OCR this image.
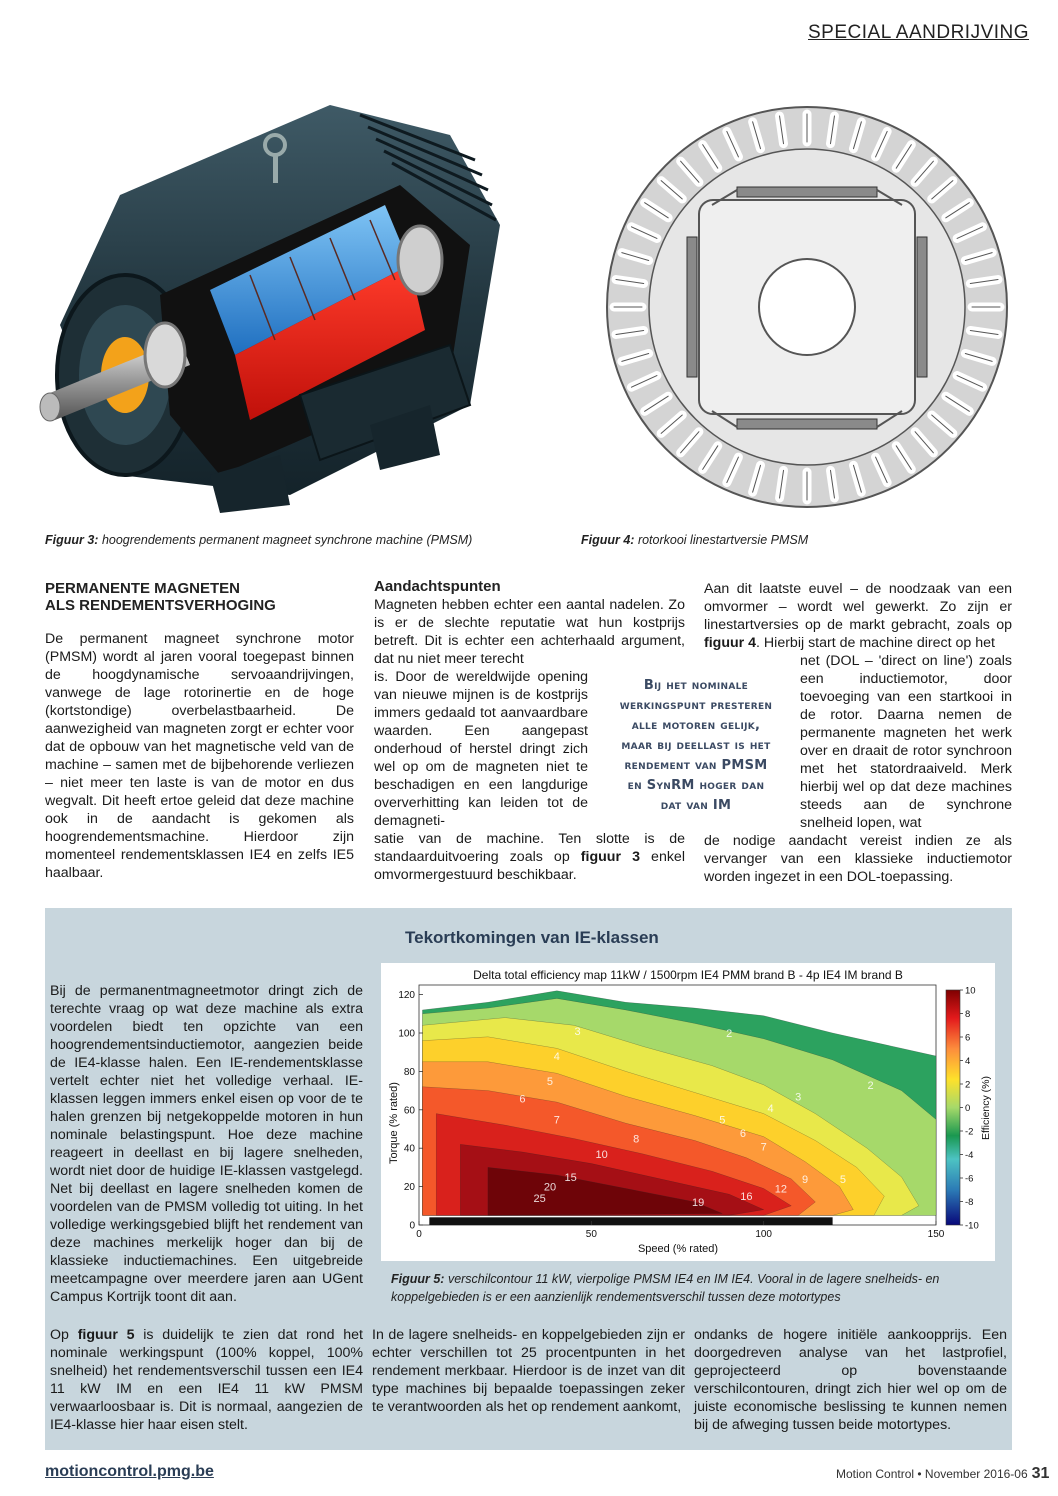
SPECIAL AANDRIJVING
Figuur 3: hoogrendements permanent magneet synchrone machine (PMSM)	Figuur 4: rotorkooi linestartversie PMSM
PERMANENTE MAGNETEN
ALS RENDEMENTSVERHOGING

De permanent magneet synchrone motor (PMSM) wordt al jaren vooral toegepast binnen de hoogdynamische servoaandrijvingen, vanwege de lage rotorinertie en de hoge (kortstondige) overbelastbaarheid. De aanwezigheid van magneten zorgt er echter voor dat de opbouw van het magnetische veld van de machine – samen met de bijbehorende verliezen – niet meer ten laste is van de motor en dus wegvalt. Dit heeft ertoe geleid dat deze machine ook in de aandacht is gekomen als hoogrendementsmachine. Hierdoor zijn momenteel rendementsklassen IE4 en zelfs IE5 haalbaar.

Aandachtspunten

Magneten hebben echter een aantal nadelen. Zo is er de slechte reputatie wat hun kostprijs betreft. Dit is echter een achterhaald argument, dat nu niet meer terecht

is. Door de wereldwijde opening van nieuwe mijnen is de kostprijs immers gedaald tot aanvaardbare waarden. Een aangepast onderhoud of herstel dringt zich wel op om de magneten niet te beschadigen en een langdurige oververhitting kan leiden tot de demagneti-

satie van de machine. Ten slotte is de standaarduitvoering zoals op figuur 3 enkel omvormergestuurd beschikbaar.

Bij het nominale
werkingspunt presteren
alle motoren gelijk,
maar bij deellast is het
rendement van PMSM
en SynRM hoger dan
dat van IM

Aan dit laatste euvel – de noodzaak van een omvormer – wordt wel gewerkt. Zo zijn er linestartversies op de markt gebracht, zoals op figuur 4. Hierbij start de machine direct op het

net (DOL – 'direct on line') zoals een inductiemotor, door toevoeging van een startkooi in de rotor. Daarna nemen de permanente magneten het werk over en draait de rotor synchroon met het statordraaiveld. Merk hierbij wel op dat deze machines steeds aan de synchrone snelheid lopen, wat

de nodige aandacht vereist indien ze als vervanger van een klassieke inductiemotor worden ingezet in een DOL-toepassing.

Tekortkomingen van IE-klassen
Bij de permanentmagneetmotor dringt zich de terechte vraag op wat deze machine als extra voordelen biedt ten opzichte van een hoogrendementsinductiemotor, aangezien beide de IE4-klasse halen. Een IE-rendementsklasse vertelt echter niet het volledige verhaal. IE-klassen leggen immers enkel eisen op voor de te halen grenzen bij netgekoppelde motoren in hun nominale belastingspunt. Hoe deze machine reageert in deellast en bij lagere snelheden, wordt niet door de huidige IE-klassen vastgelegd. Net bij deellast en lagere snelheden komen de voordelen van de PMSM volledig tot uiting. In het volledige werkingsgebied blijft het rendement van deze machines merkelijk hoger dan bij de klassieke inductiemachines. Een uitgebreide meetcampagne over meerdere jaren aan UGent Campus Kortrijk toont dit aan.
Delta total efficiency map 11kW / 1500rpm IE4 PMM brand B - 4p IE4 IM brand B
0	50	100	150
0
20
40
60
80
100
120
2
3
4
5
6
7
8
10
15
20
25	19	16
12
9	5
7
6
5
4
3
2
Speed (% rated)
Torque (% rated)
10
8
6
4
2
0
-2
-4
-6
-8
-10
Efficiency (%)
Figuur 5: verschilcontour 11 kW, vierpolige PMSM IE4 en IM IE4. Vooral in de lagere snelheids- en koppelgebieden is er een aanzienlijk rendementsverschil tussen deze motortypes
Op figuur 5 is duidelijk te zien dat rond het nominale werkingspunt (100% koppel, 100% snelheid) het rendementsverschil tussen een IE4 11 kW IM en een IE4 11 kW PMSM verwaarloosbaar is. Dit is normaal, aangezien de IE4-klasse hier haar eisen stelt.
In de lagere snelheids- en koppelgebieden zijn er echter verschillen tot 25 procentpunten in het rendement merkbaar. Hierdoor is de inzet van dit type machines bij bepaalde toepassingen zeker te verantwoorden als het op rendement aankomt,
ondanks de hogere initiële aankoopprijs. Een doorgedreven analyse van het lastprofiel, geprojecteerd op bovenstaande verschilcontouren, dringt zich hier wel op om de juiste economische beslissing te kunnen nemen bij de afweging tussen beide motortypes.
motioncontrol.pmg.be	Motion Control • November 2016-06 31
